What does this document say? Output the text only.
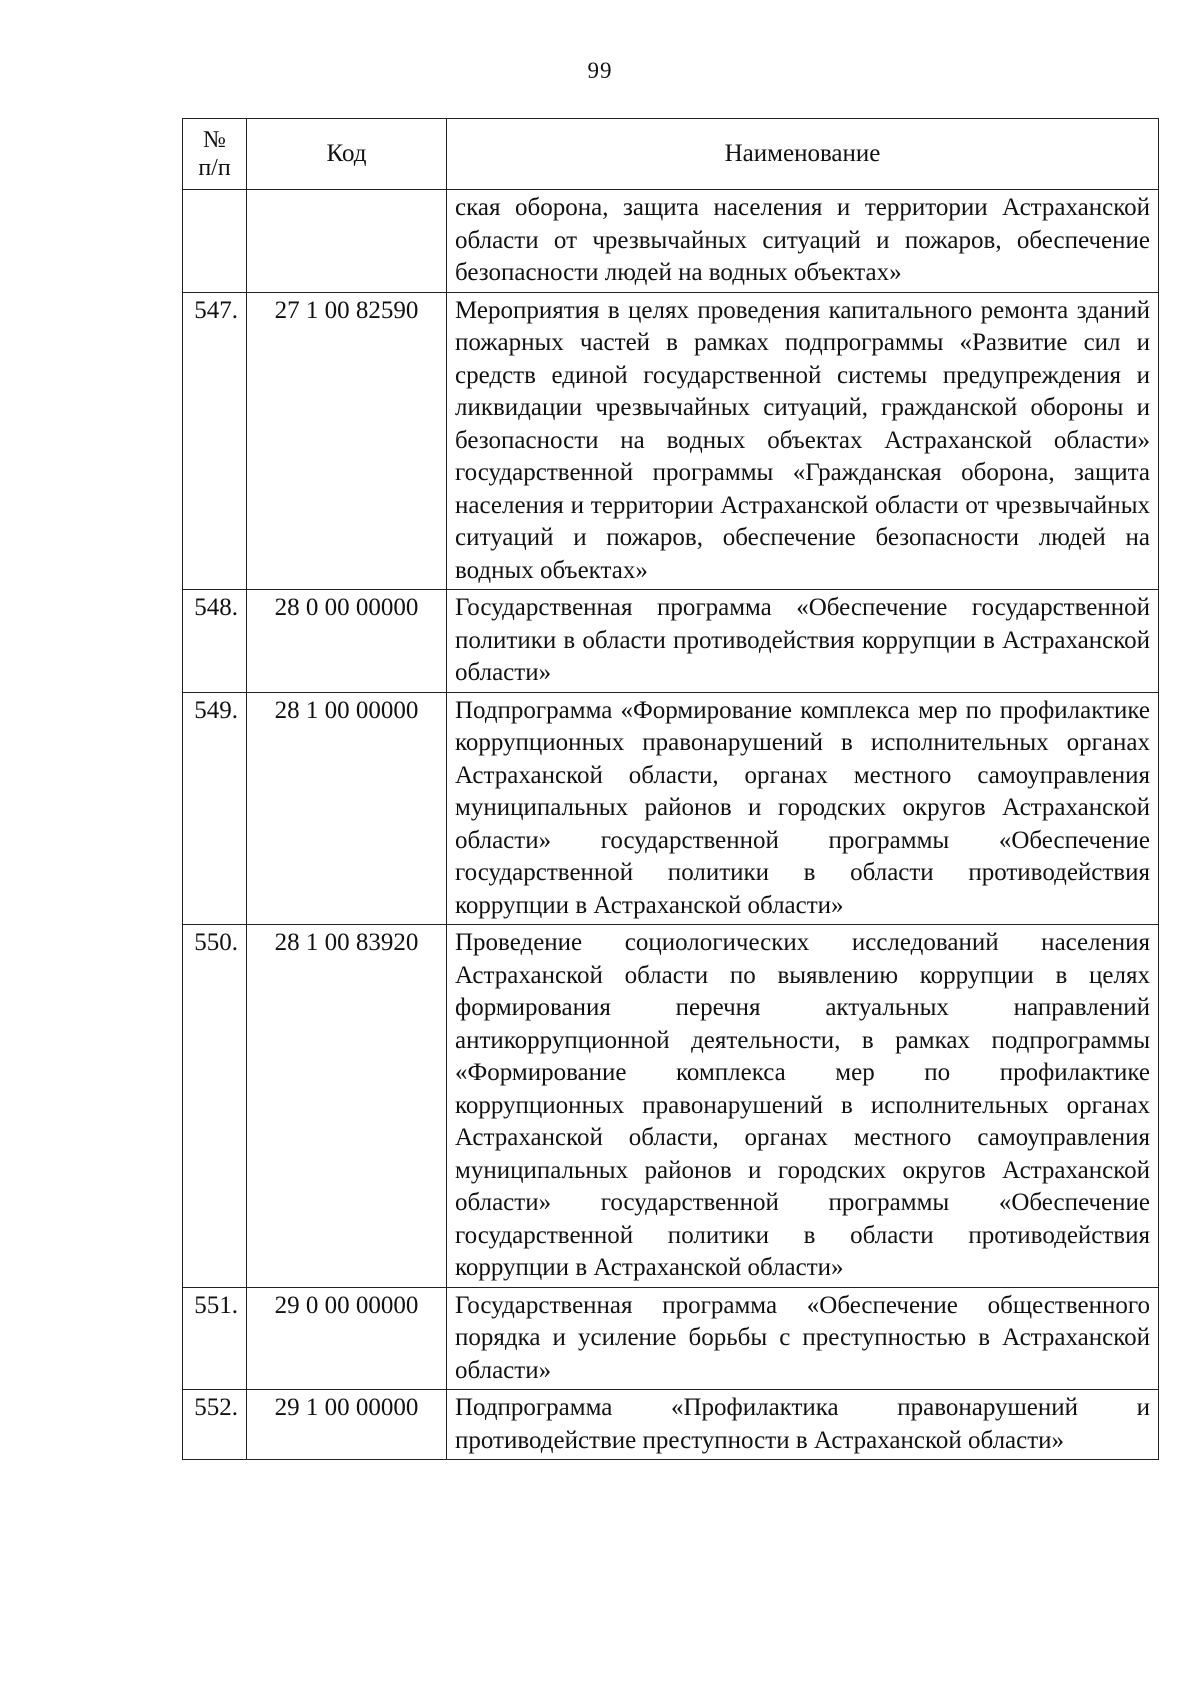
99
№
п/п	Код	Наименование
		ская оборона, защита населения и территории Астраханской области от чрезвычайных ситуаций и пожаров, обеспечение безопасности людей на водных объектах»
547.	27 1 00 82590	Мероприятия в целях проведения капитального ремонта зданий пожарных частей в рамках подпрограммы «Развитие сил и средств единой государственной системы предупреждения и ликвидации чрезвычайных ситуаций, гражданской обороны и безопасности на водных объектах Астраханской области» государственной программы «Гражданская оборона, защита населения и территории Астраханской области от чрезвычайных ситуаций и пожаров, обеспечение безопасности людей на водных объектах»
548.	28 0 00 00000	Государственная программа «Обеспечение государственной политики в области противодействия коррупции в Астраханской области»
549.	28 1 00 00000	Подпрограмма «Формирование комплекса мер по профилактике коррупционных правонарушений в исполнительных органах Астраханской области, органах местного самоуправления муниципальных районов и городских округов Астраханской области» государственной программы «Обеспечение государственной политики в области противодействия коррупции в Астраханской области»
550.	28 1 00 83920	Проведение социологических исследований населения Астраханской области по выявлению коррупции в целях формирования перечня актуальных направлений антикоррупционной деятельности, в рамках подпрограммы «Формирование комплекса мер по профилактике коррупционных правонарушений в исполнительных органах Астраханской области, органах местного самоуправления муниципальных районов и городских округов Астраханской области» государственной программы «Обеспечение государственной политики в области противодействия коррупции в Астраханской области»
551.	29 0 00 00000	Государственная программа «Обеспечение общественного порядка и усиление борьбы с преступностью в Астраханской области»
552.	29 1 00 00000	Подпрограмма «Профилактика правонарушений и противодействие преступности в Астраханской области»
